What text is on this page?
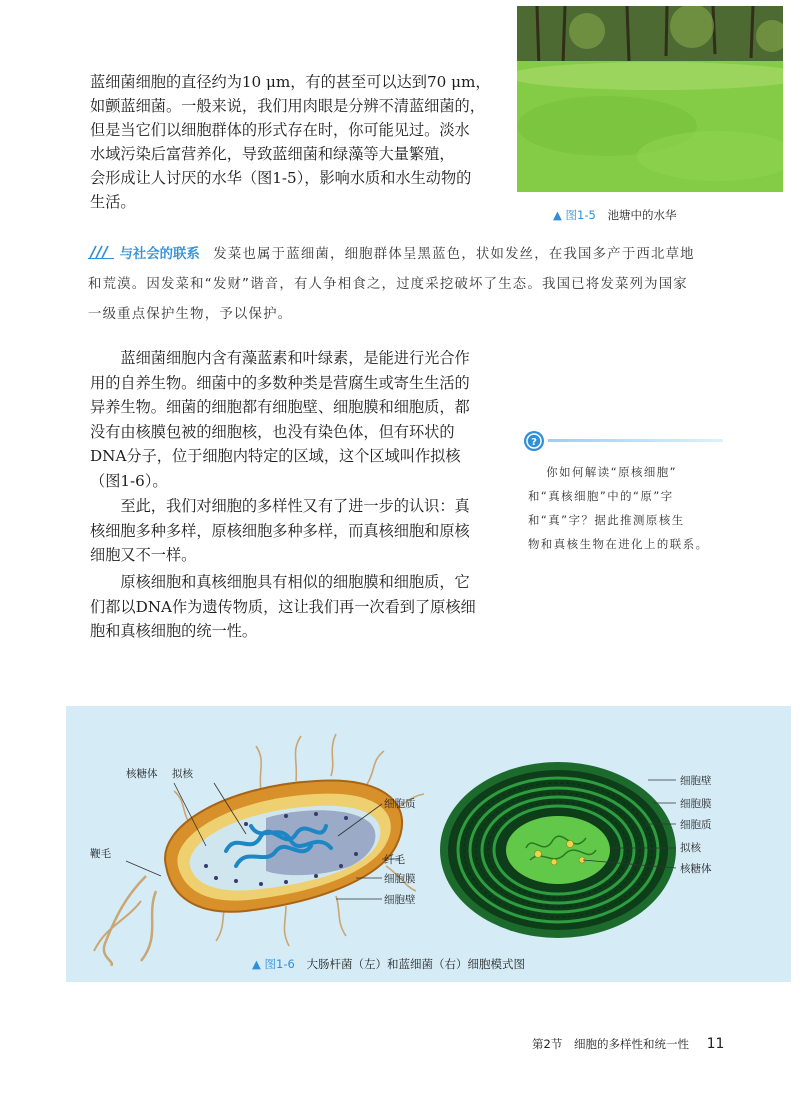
蓝细菌细胞的直径约为10 μm，有的甚至可以达到70 μm，
如颤蓝细菌。一般来说，我们用肉眼是分辨不清蓝细菌的，
但是当它们以细胞群体的形式存在时，你可能见过。淡水
水域污染后富营养化，导致蓝细菌和绿藻等大量繁殖，
会形成让人讨厌的水华（图1-5），影响水质和水生动物的
生活。
▲ 图1-5 池塘中的水华
与社会的联系 发菜也属于蓝细菌，细胞群体呈黑蓝色，状如发丝，在我国多产于西北草地
和荒漠。因发菜和“发财”谐音，有人争相食之，过度采挖破坏了生态。我国已将发菜列为国家
一级重点保护生物，予以保护。
蓝细菌细胞内含有藻蓝素和叶绿素，是能进行光合作
用的自养生物。细菌中的多数种类是营腐生或寄生生活的
异养生物。细菌的细胞都有细胞壁、细胞膜和细胞质，都
没有由核膜包被的细胞核，也没有染色体，但有环状的
DNA分子，位于细胞内特定的区域，这个区域叫作拟核
（图1-6）。
至此，我们对细胞的多样性又有了进一步的认识：真
核细胞多种多样，原核细胞多种多样，而真核细胞和原核
细胞又不一样。
原核细胞和真核细胞具有相似的细胞膜和细胞质，它
们都以DNA作为遗传物质，这让我们再一次看到了原核细
胞和真核细胞的统一性。
?
你如何解读“原核细胞”
和“真核细胞”中的“原”字
和“真”字？据此推测原核生
物和真核生物在进化上的联系。
核糖体 拟核
鞭毛
细胞质
纤毛
细胞膜
细胞壁
细胞壁
细胞膜
细胞质
拟核
核糖体
▲ 图1-6 大肠杆菌（左）和蓝细菌（右）细胞模式图
第2节 细胞的多样性和统一性 11
